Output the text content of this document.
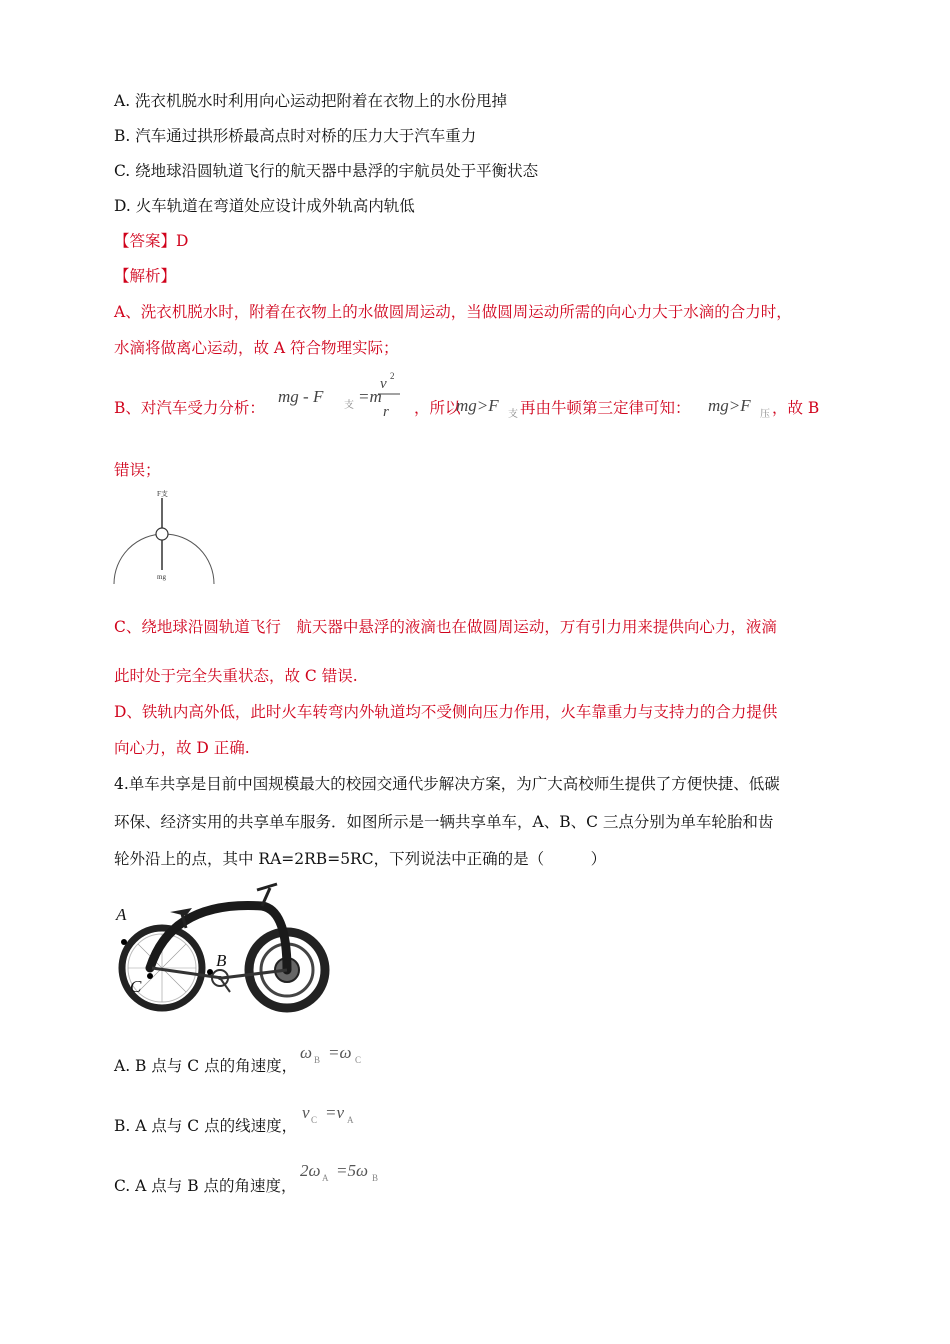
A. 洗衣机脱水时利用向心运动把附着在衣物上的水份甩掉
B. 汽车通过拱形桥最高点时对桥的压力大于汽车重力
C. 绕地球沿圆轨道飞行的航天器中悬浮的宇航员处于平衡状态
D. 火车轨道在弯道处应设计成外轨高内轨低
【答案】D
【解析】
A、洗衣机脱水时，附着在衣物上的水做圆周运动，当做圆周运动所需的向心力大于水滴的合力时，
水滴将做离心运动，故 A 符合物理实际；
B、对汽车受力分析：
mg - F 支 =m
v 2
r ，所以
mg>F 支 再由牛顿第三定律可知： mg>F 压 ，故 B
错误；
F支
mg
C、绕地球沿圆轨道飞行　航天器中悬浮的液滴也在做圆周运动，万有引力用来提供向心力，液滴
此时处于完全失重状态，故 C 错误.
D、铁轨内高外低，此时火车转弯内外轨道均不受侧向压力作用，火车靠重力与支持力的合力提供
向心力，故 D 正确.
4.单车共享是目前中国规模最大的校园交通代步解决方案，为广大高校师生提供了方便快捷、低碳
环保、经济实用的共享单车服务．如图所示是一辆共享单车，A、B、C 三点分别为单车轮胎和齿
轮外沿上的点，其中 RA=2RB=5RC，下列说法中正确的是（　　　）
A
B
C
A. B 点与 C 点的角速度，
ω B =ω C
B. A 点与 C 点的线速度，
v C =v A
C. A 点与 B 点的角速度，
2ω A =5ω B
